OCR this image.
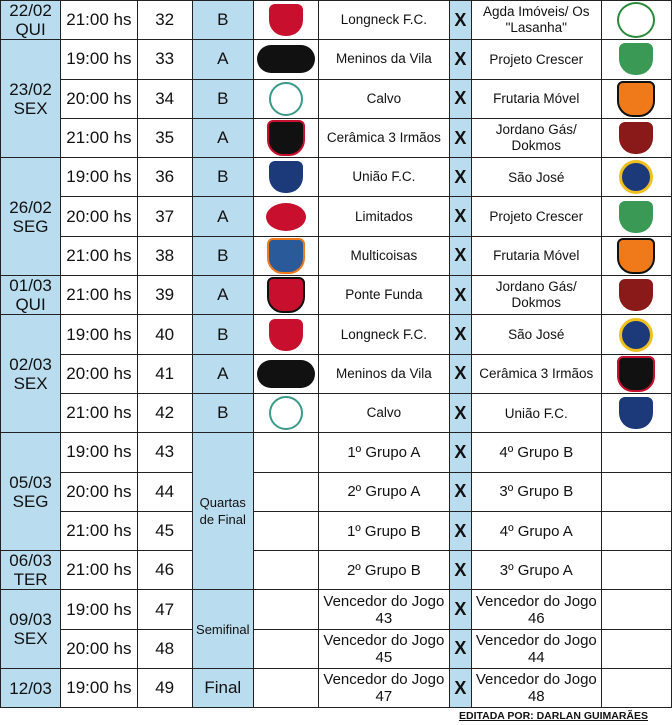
22/02 QUI	21:00 hs	32	B		Longneck F.C.	X	Agda Imóveis/ Os "Lasanha"	
23/02 SEX	19:00 hs	33	A		Meninos da Vila	X	Projeto Crescer	
	20:00 hs	34	B		Calvo	X	Frutaria Móvel	
	21:00 hs	35	A		Cerâmica 3 Irmãos	X	Jordano Gás/ Dokmos	
26/02 SEG	19:00 hs	36	B		União F.C.	X	São José	
	20:00 hs	37	A		Limitados	X	Projeto Crescer	
	21:00 hs	38	B		Multicoisas	X	Frutaria Móvel	
01/03 QUI	21:00 hs	39	A		Ponte Funda	X	Jordano Gás/ Dokmos	
02/03 SEX	19:00 hs	40	B		Longneck F.C.	X	São José	
	20:00 hs	41	A		Meninos da Vila	X	Cerâmica 3 Irmãos	
	21:00 hs	42	B		Calvo	X	União F.C.	
05/03 SEG	19:00 hs	43	Quartas de Final		1º Grupo A	X	4º Grupo B	
	20:00 hs	44			2º Grupo A	X	3º Grupo B	
	21:00 hs	45			1º Grupo B	X	4º Grupo A	
06/03 TER	21:00 hs	46			2º Grupo B	X	3º Grupo A	
09/03 SEX	19:00 hs	47	Semifinal		Vencedor do Jogo 43	X	Vencedor do Jogo 46	
	20:00 hs	48			Vencedor do Jogo 45	X	Vencedor do Jogo 44	
12/03	19:00 hs	49	Final		Vencedor do Jogo 47	X	Vencedor do Jogo 48	
EDITADA POR: DARLAN GUIMARÃES
